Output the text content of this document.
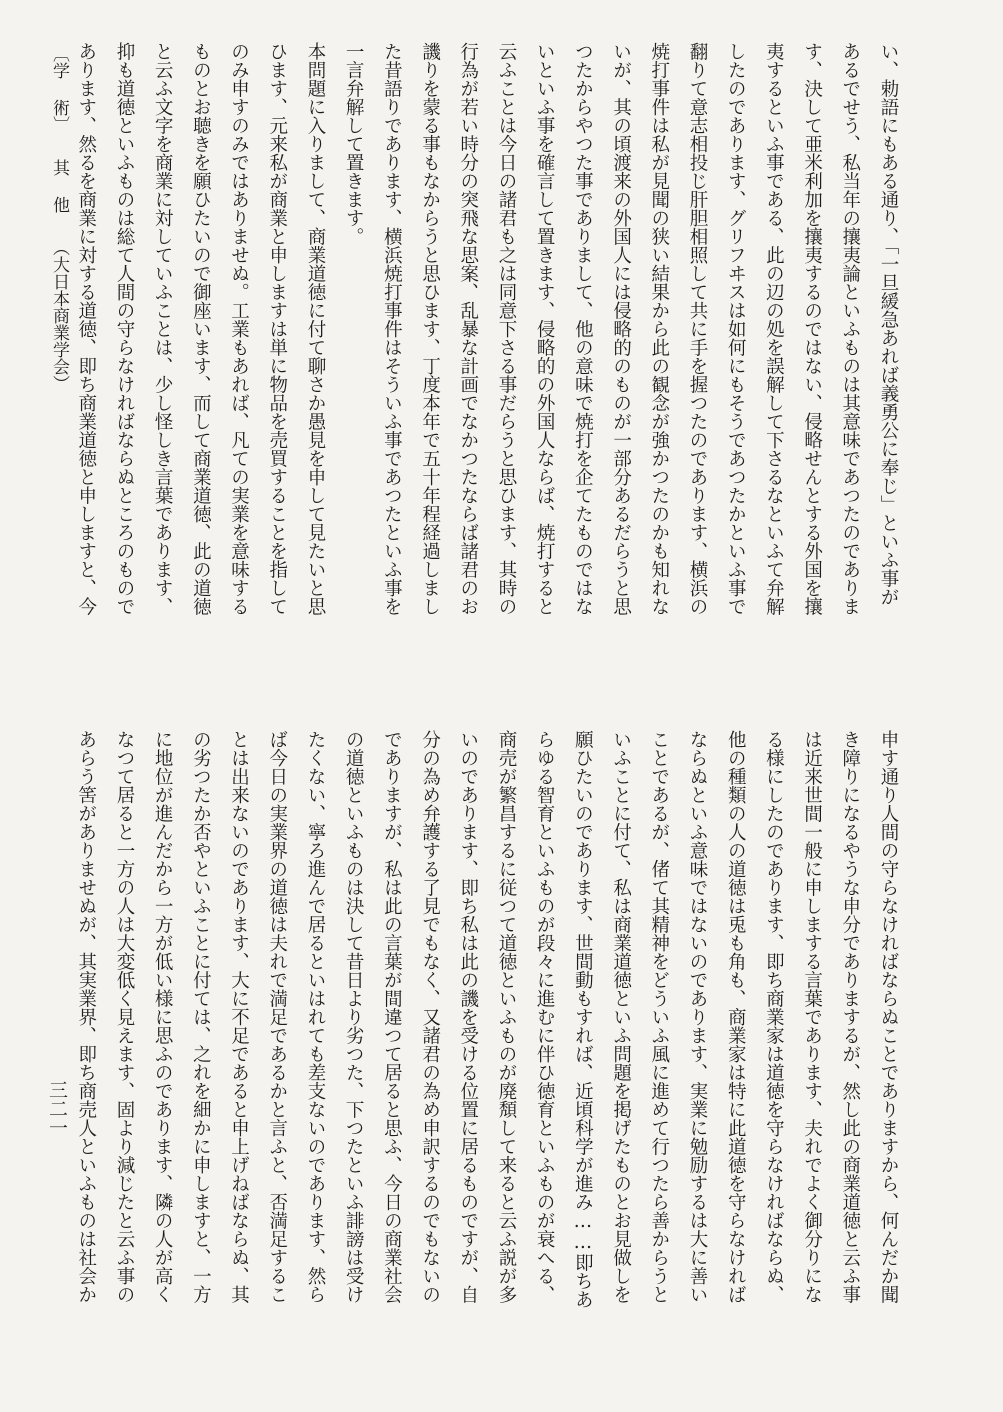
い、勅語にもある通り、「一旦緩急あれば義勇公に奉じ」といふ事が
あるでせう、私当年の攘夷論といふものは其意味であつたのでありま
す、決して亜米利加を攘夷するのではない、侵略せんとする外国を攘
夷するといふ事である、此の辺の処を誤解して下さるなといふて弁解
したのであります、グリフヰスは如何にもそうであつたかといふ事で
翻りて意志相投じ肝胆相照して共に手を握つたのであります、横浜の
焼打事件は私が見聞の狭い結果から此の観念が強かつたのかも知れな
いが、其の頃渡来の外国人には侵略的のものが一部分あるだらうと思
つたからやつた事でありまして、他の意味で焼打を企てたものではな
いといふ事を確言して置きます、侵略的の外国人ならば、焼打すると
云ふことは今日の諸君も之は同意下さる事だらうと思ひます、其時の
行為が若い時分の突飛な思案、乱暴な計画でなかつたならば諸君のお
譏りを蒙る事もなからうと思ひます、丁度本年で五十年程経過しまし
た昔語りであります、横浜焼打事件はそういふ事であつたといふ事を
一言弁解して置きます。
本問題に入りまして、商業道徳に付て聊さか愚見を申して見たいと思
ひます、元来私が商業と申しますは単に物品を売買することを指して
のみ申すのみではありませぬ。工業もあれば、凡ての実業を意味する
ものとお聴きを願ひたいので御座います、而して商業道徳、此の道徳
と云ふ文字を商業に対していふことは、少し怪しき言葉であります、
抑も道徳といふものは総て人間の守らなければならぬところのもので
あります、然るを商業に対する道徳、即ち商業道徳と申しますと、今
申す通り人間の守らなければならぬことでありますから、何んだか聞
き障りになるやうな申分でありまするが、然し此の商業道徳と云ふ事
は近来世間一般に申しまする言葉であります、夫れでよく御分りにな
る様にしたのであります、即ち商業家は道徳を守らなければならぬ、
他の種類の人の道徳は兎も角も、商業家は特に此道徳を守らなければ
ならぬといふ意味ではないのであります、実業に勉励するは大に善い
ことであるが、偖て其精神をどういふ風に進めて行つたら善からうと
いふことに付て、私は商業道徳といふ問題を掲げたものとお見做しを
願ひたいのであります、世間動もすれば、近頃科学が進み……即ちあ
らゆる智育といふものが段々に進むに伴ひ徳育といふものが衰へる、
商売が繁昌するに従つて道徳といふものが廃頽して来ると云ふ説が多
いのであります、即ち私は此の譏を受ける位置に居るものですが、自
分の為め弁護する了見でもなく、又諸君の為め申訳するのでもないの
でありますが、私は此の言葉が間違つて居ると思ふ、今日の商業社会
の道徳といふものは決して昔日より劣つた、下つたといふ誹謗は受け
たくない、寧ろ進んで居るといはれても差支ないのであります、然ら
ば今日の実業界の道徳は夫れで満足であるかと言ふと、否満足するこ
とは出来ないのであります、大に不足であると申上げねばならぬ、其
の劣つたか否やといふことに付ては、之れを細かに申しますと、一方
に地位が進んだから一方が低い様に思ふのであります、隣の人が高く
なつて居ると一方の人は大変低く見えます、固より減じたと云ふ事の
あらう筈がありませぬが、其実業界、即ち商売人といふものは社会か
〔学 術〕其 他（大日本商業学会）
三二一
